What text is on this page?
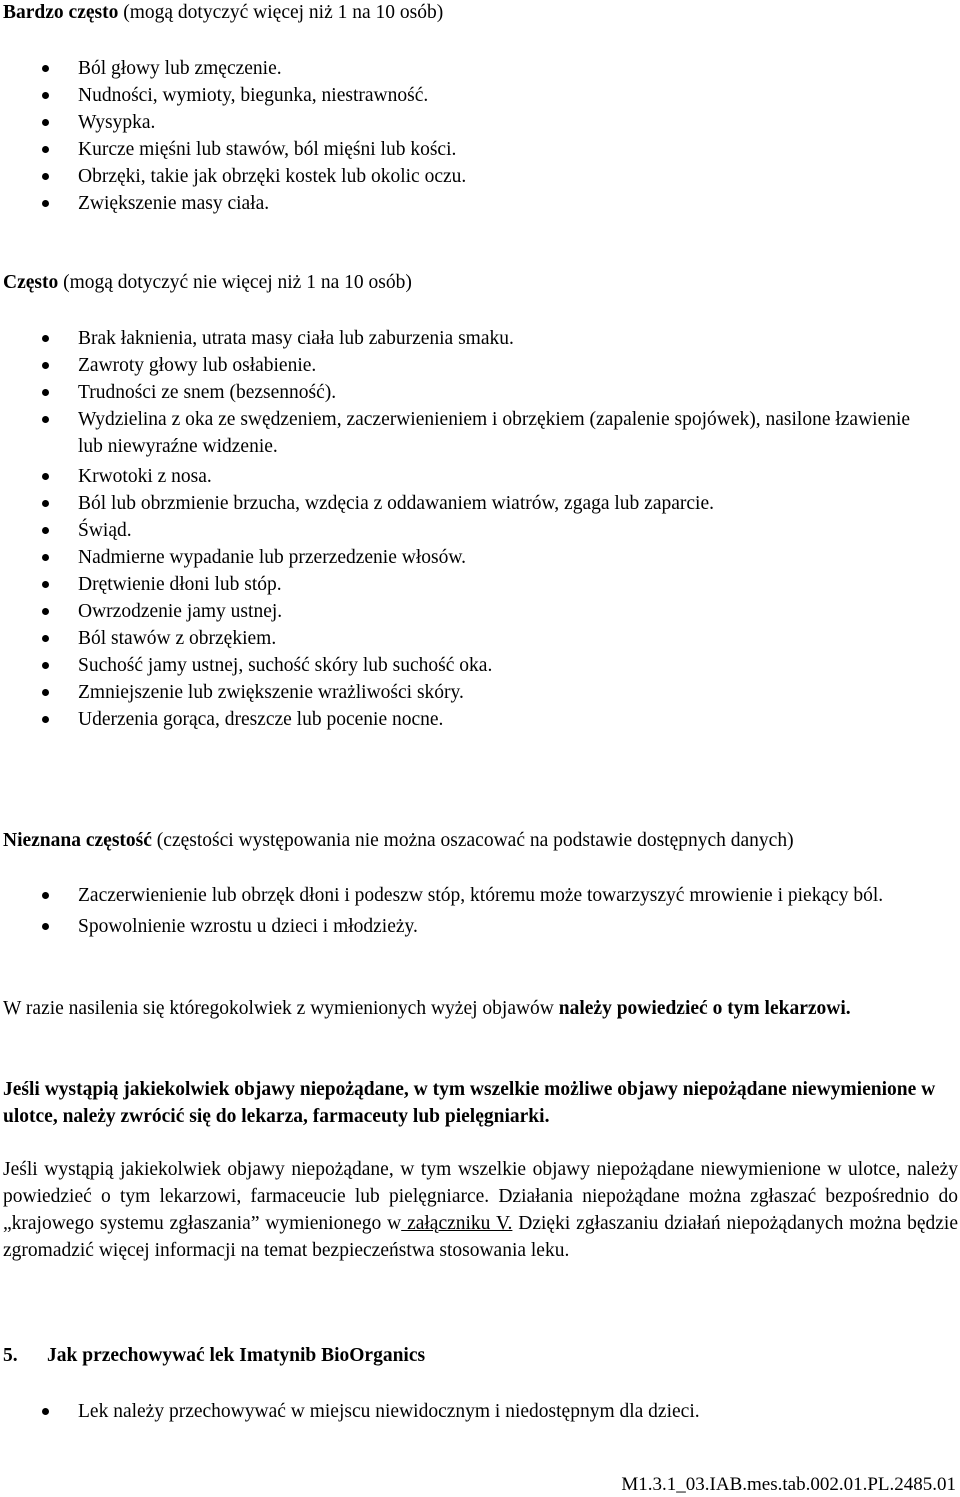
Bardzo często (mogą dotyczyć więcej niż 1 na 10 osób)
Ból głowy lub zmęczenie.
Nudności, wymioty, biegunka, niestrawność.
Wysypka.
Kurcze mięśni lub stawów, ból mięśni lub kości.
Obrzęki, takie jak obrzęki kostek lub okolic oczu.
Zwiększenie masy ciała.
Często (mogą dotyczyć nie więcej niż 1 na 10 osób)
Brak łaknienia, utrata masy ciała lub zaburzenia smaku.
Zawroty głowy lub osłabienie.
Trudności ze snem (bezsenność).
Wydzielina z oka ze swędzeniem, zaczerwienieniem i obrzękiem (zapalenie spojówek), nasilone łzawienie lub niewyraźne widzenie.
Krwotoki z nosa.
Ból lub obrzmienie brzucha, wzdęcia z oddawaniem wiatrów, zgaga lub zaparcie.
Świąd.
Nadmierne wypadanie lub przerzedzenie włosów.
Drętwienie dłoni lub stóp.
Owrzodzenie jamy ustnej.
Ból stawów z obrzękiem.
Suchość jamy ustnej, suchość skóry lub suchość oka.
Zmniejszenie lub zwiększenie wrażliwości skóry.
Uderzenia gorąca, dreszcze lub pocenie nocne.
Nieznana częstość (częstości występowania nie można oszacować na podstawie dostępnych danych)
Zaczerwienienie lub obrzęk dłoni i podeszw stóp, któremu może towarzyszyć mrowienie i piekący ból.
Spowolnienie wzrostu u dzieci i młodzieży.
W razie nasilenia się któregokolwiek z wymienionych wyżej objawów należy powiedzieć o tym lekarzowi.
Jeśli wystąpią jakiekolwiek objawy niepożądane, w tym wszelkie możliwe objawy niepożądane niewymienione w ulotce, należy zwrócić się do lekarza, farmaceuty lub pielęgniarki.
Jeśli wystąpią jakiekolwiek objawy niepożądane, w tym wszelkie objawy niepożądane niewymienione w ulotce, należy powiedzieć o tym lekarzowi, farmaceucie lub pielęgniarce. Działania niepożądane można zgłaszać bezpośrednio do „krajowego systemu zgłaszania” wymienionego w załączniku V. Dzięki zgłaszaniu działań niepożądanych można będzie zgromadzić więcej informacji na temat bezpieczeństwa stosowania leku.
5. Jak przechowywać lek Imatynib BioOrganics
Lek należy przechowywać w miejscu niewidocznym i niedostępnym dla dzieci.
M1.3.1_03.IAB.mes.tab.002.01.PL.2485.01
